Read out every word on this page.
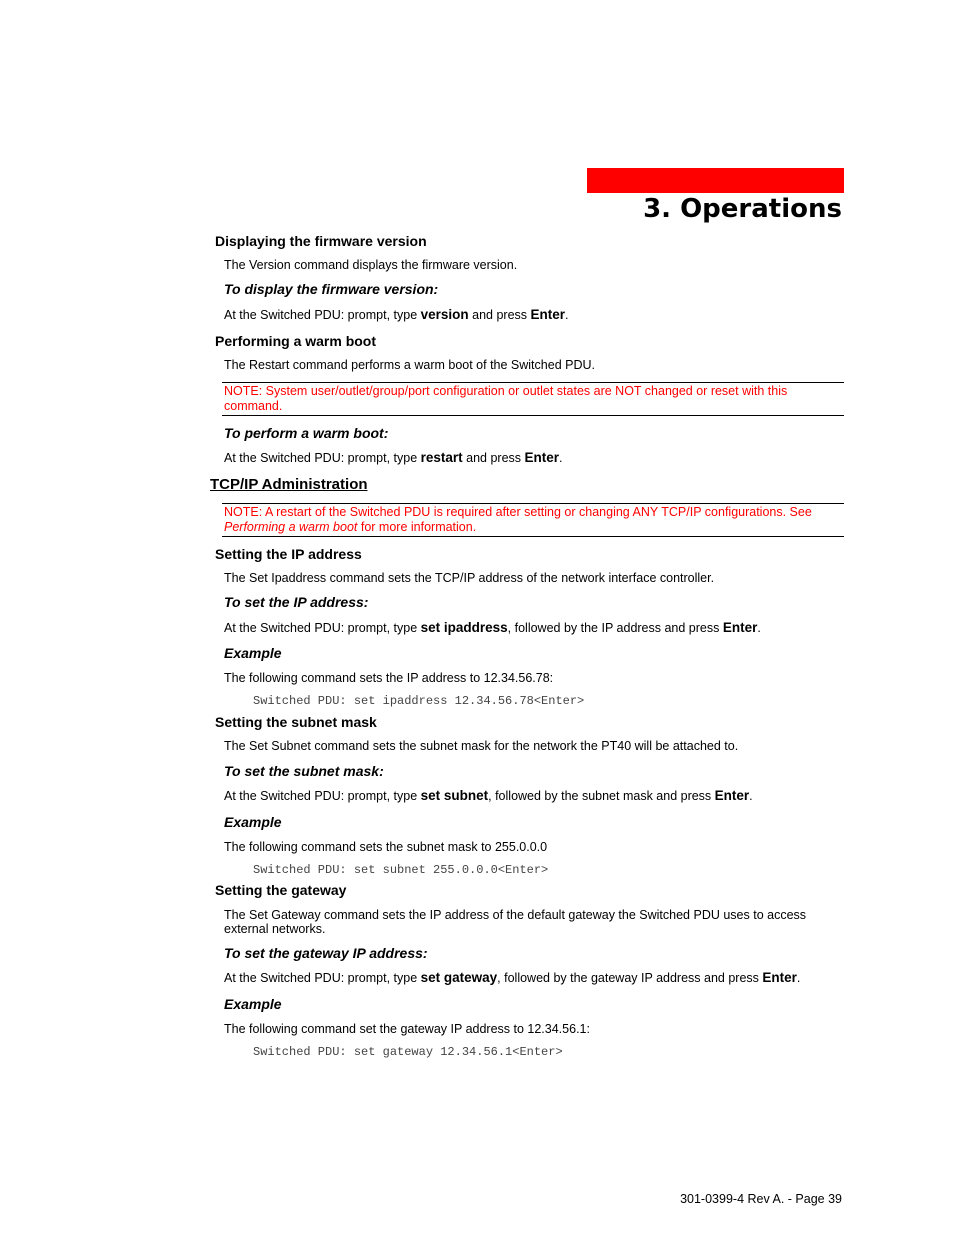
3. Operations
Displaying the firmware version
The Version command displays the firmware version.
To display the firmware version:
At the Switched PDU: prompt, type version and press Enter.
Performing a warm boot
The Restart command performs a warm boot of the Switched PDU.
NOTE: System user/outlet/group/port configuration or outlet states are NOT changed or reset with this
command.
To perform a warm boot:
At the Switched PDU: prompt, type restart and press Enter.
TCP/IP Administration
NOTE: A restart of the Switched PDU is required after setting or changing ANY TCP/IP configurations. See
Performing a warm boot for more information.
Setting the IP address
The Set Ipaddress command sets the TCP/IP address of the network interface controller.
To set the IP address:
At the Switched PDU: prompt, type set ipaddress, followed by the IP address and press Enter.
Example
The following command sets the IP address to 12.34.56.78:
Switched PDU: set ipaddress 12.34.56.78<Enter>
Setting the subnet mask
The Set Subnet command sets the subnet mask for the network the PT40 will be attached to.
To set the subnet mask:
At the Switched PDU: prompt, type set subnet, followed by the subnet mask and press Enter.
Example
The following command sets the subnet mask to 255.0.0.0
Switched PDU: set subnet 255.0.0.0<Enter>
Setting the gateway
The Set Gateway command sets the IP address of the default gateway the Switched PDU uses to access
external networks.
To set the gateway IP address:
At the Switched PDU: prompt, type set gateway, followed by the gateway IP address and press Enter.
Example
The following command set the gateway IP address to 12.34.56.1:
Switched PDU: set gateway 12.34.56.1<Enter>
301-0399-4 Rev A. - Page 39
